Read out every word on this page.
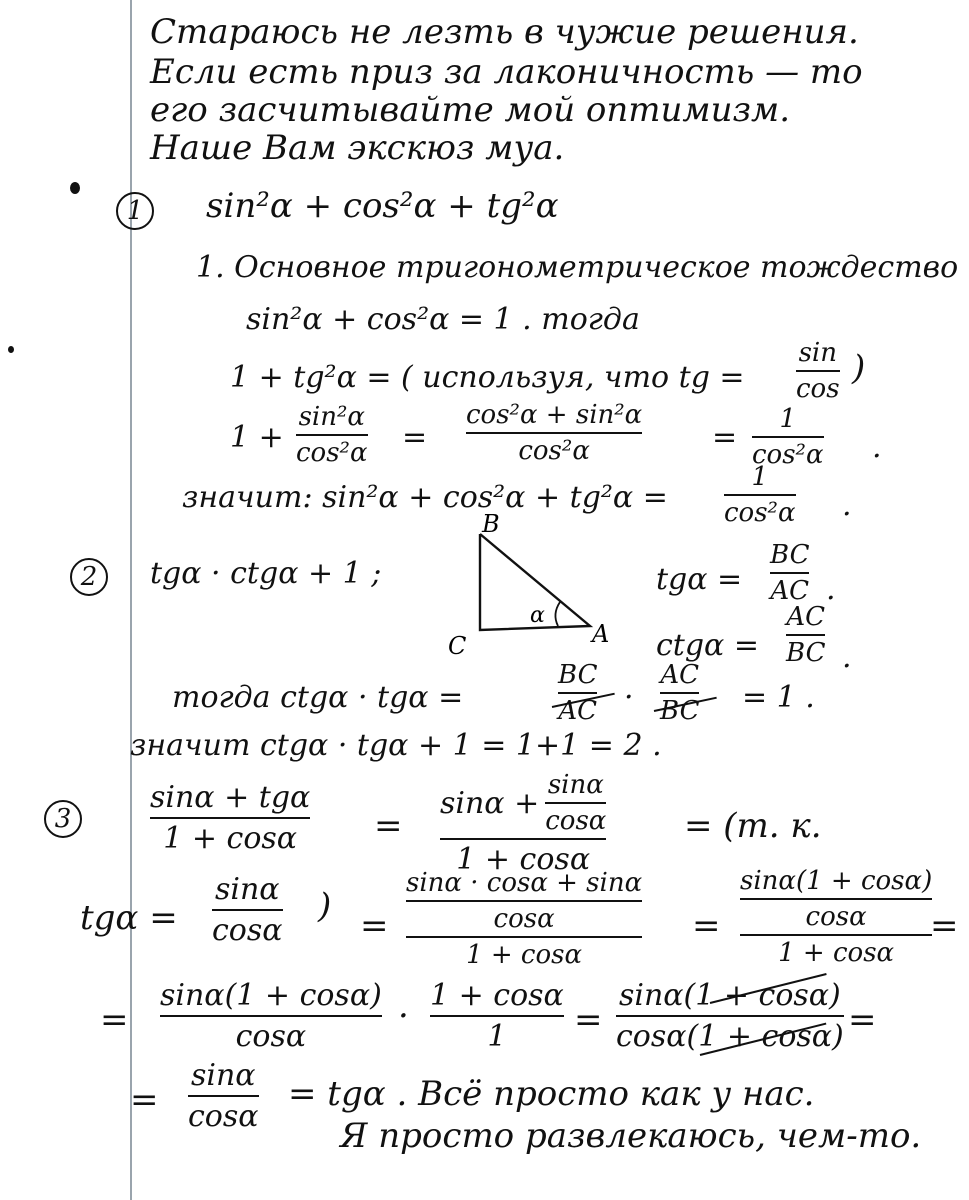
Стараюсь не лезть в чужие решения.
Если есть приз за лаконичность — то
его засчитывайте мой оптимизм.
Наше Вам экскюз муа.
1	sin²α + cos²α + tg²α
1. Основное тригонометрическое тождество
sin²α + cos²α = 1 . тогда
1 + tg²α = ( используя, что tg =
sin
cos
)
1 +
sin²α
cos²α =
cos²α + sin²α
cos²α	=
1
cos²α .
значит: sin²α + cos²α + tg²α =
1
cos²α .
2	tgα · ctgα + 1 ;
B
C	A
α
tgα =
BC
AC .
ctgα =
AC
BC .
тогда ctgα · tgα =
BC
AC ·
AC
BC = 1 .
значит ctgα · tgα + 1 = 1+1 = 2 .
3
sinα + tgα
1 + cosα =
$\sin\alpha + \frac{\sin\alpha}{\cos\alpha}$
1 + cosα
= (т. к.
tgα =
sinα
cosα
) =
sinα · cosα + sinα
cosα
1 + cosα
=
sinα(1 + cosα)
cosα
1 + cosα
=
=
sinα(1 + cosα)
cosα
·
1 + cosα
1 =
sinα(1 + cosα)
cosα(1 + cosα) =
=
sinα
cosα
= tgα . Всё просто как у нас.
Я просто развлекаюсь, чем-то.
